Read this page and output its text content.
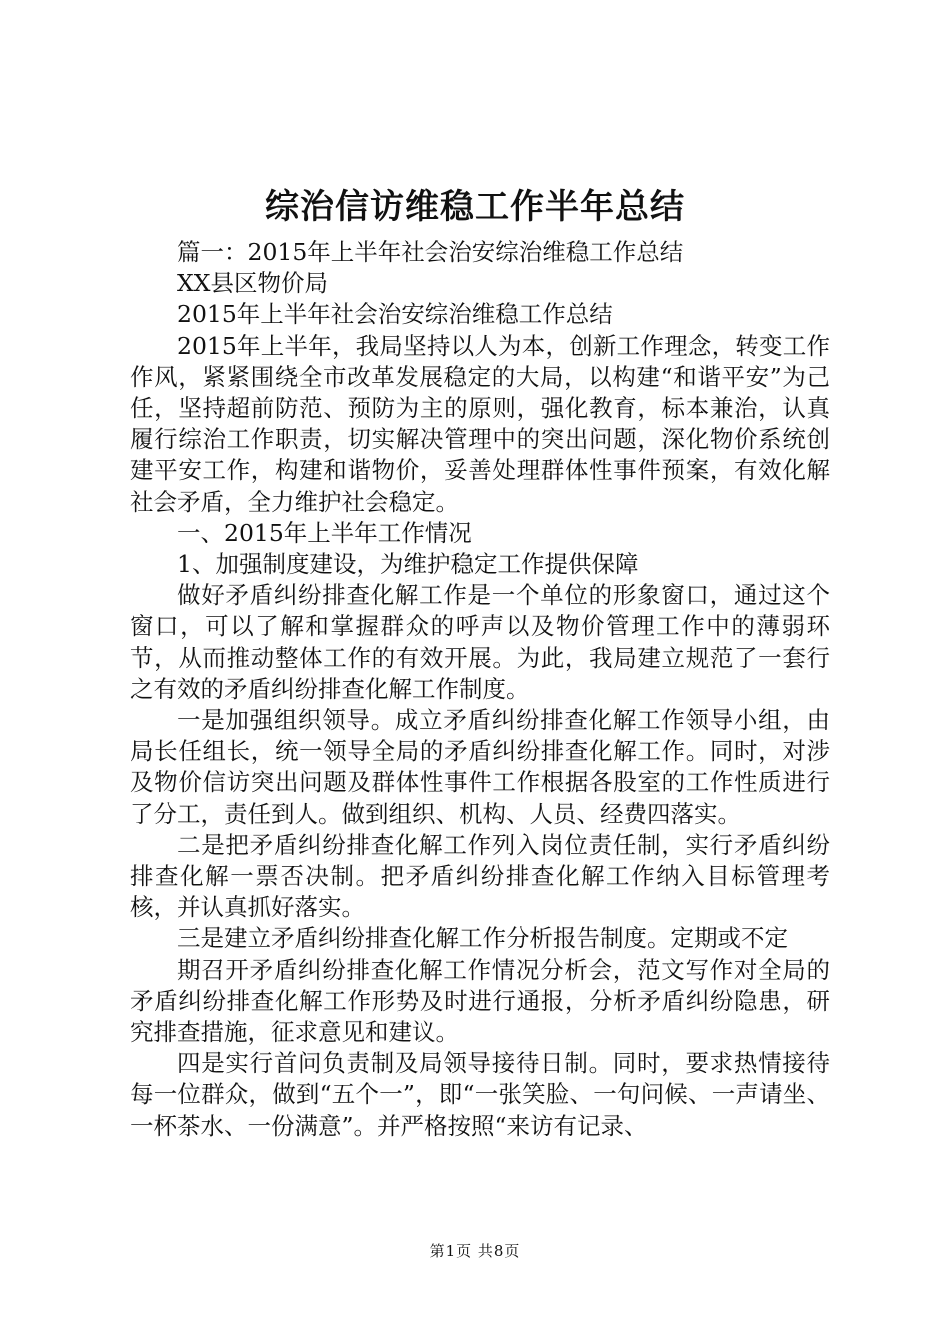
综治信访维稳工作半年总结

篇一：2015年上半年社会治安综治维稳工作总结

XX县区物价局

2015年上半年社会治安综治维稳工作总结

2015年上半年，我局坚持以人为本，创新工作理念，转变工作作风，紧紧围绕全市改革发展稳定的大局，以构建“和谐平安”为己任，坚持超前防范、预防为主的原则，强化教育，标本兼治，认真履行综治工作职责，切实解决管理中的突出问题，深化物价系统创建平安工作，构建和谐物价，妥善处理群体性事件预案，有效化解社会矛盾，全力维护社会稳定。

一、2015年上半年工作情况

1、加强制度建设，为维护稳定工作提供保障

做好矛盾纠纷排查化解工作是一个单位的形象窗口，通过这个窗口，可以了解和掌握群众的呼声以及物价管理工作中的薄弱环节，从而推动整体工作的有效开展。为此，我局建立规范了一套行之有效的矛盾纠纷排查化解工作制度。

一是加强组织领导。成立矛盾纠纷排查化解工作领导小组，由局长任组长，统一领导全局的矛盾纠纷排查化解工作。同时，对涉及物价信访突出问题及群体性事件工作根据各股室的工作性质进行了分工，责任到人。做到组织、机构、人员、经费四落实。

二是把矛盾纠纷排查化解工作列入岗位责任制，实行矛盾纠纷排查化解一票否决制。把矛盾纠纷排查化解工作纳入目标管理考核，并认真抓好落实。

三是建立矛盾纠纷排查化解工作分析报告制度。定期或不定

期召开矛盾纠纷排查化解工作情况分析会，范文写作对全局的矛盾纠纷排查化解工作形势及时进行通报，分析矛盾纠纷隐患，研究排查措施，征求意见和建议。

四是实行首问负责制及局领导接待日制。同时，要求热情接待每一位群众，做到“五个一”，即“一张笑脸、一句问候、一声请坐、一杯茶水、一份满意”。并严格按照“来访有记录、

第1页 共8页
